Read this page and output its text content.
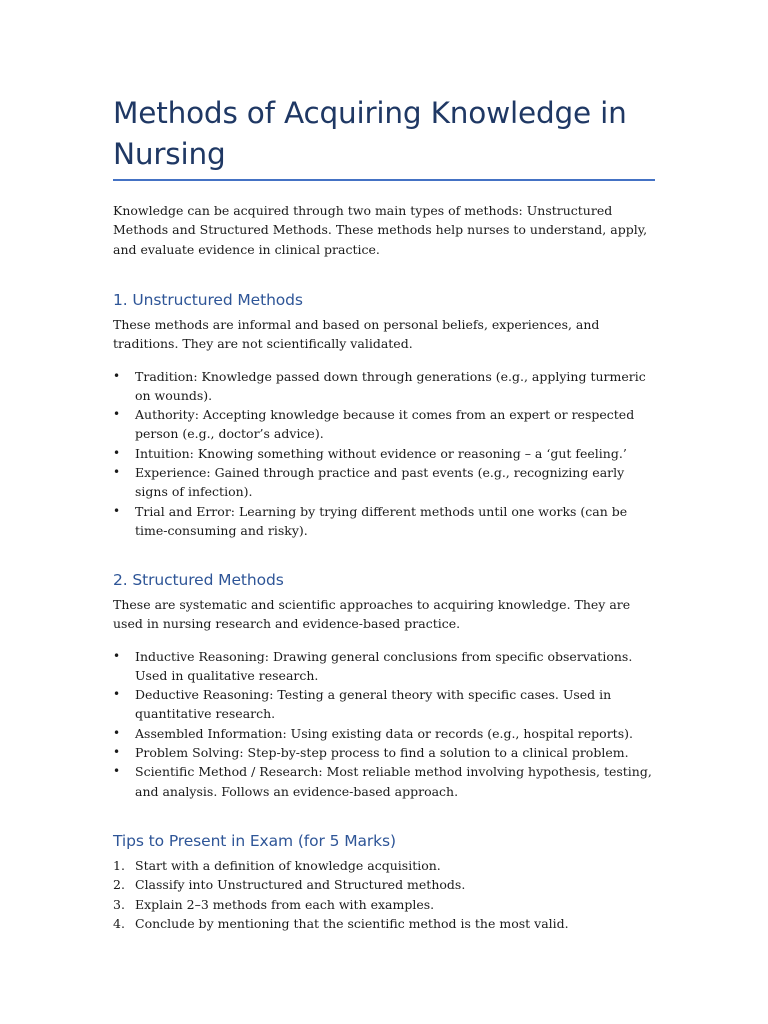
Methods of Acquiring Knowledge in Nursing

Knowledge can be acquired through two main types of methods: Unstructured Methods and Structured Methods. These methods help nurses to understand, apply, and evaluate evidence in clinical practice.

1. Unstructured Methods

These methods are informal and based on personal beliefs, experiences, and traditions. They are not scientifically validated.

• Tradition: Knowledge passed down through generations (e.g., applying turmeric on wounds).
• Authority: Accepting knowledge because it comes from an expert or respected person (e.g., doctor’s advice).
• Intuition: Knowing something without evidence or reasoning – a ‘gut feeling.’
• Experience: Gained through practice and past events (e.g., recognizing early signs of infection).
• Trial and Error: Learning by trying different methods until one works (can be time-consuming and risky).
2. Structured Methods

These are systematic and scientific approaches to acquiring knowledge. They are used in nursing research and evidence-based practice.

• Inductive Reasoning: Drawing general conclusions from specific observations. Used in qualitative research.
• Deductive Reasoning: Testing a general theory with specific cases. Used in quantitative research.
• Assembled Information: Using existing data or records (e.g., hospital reports).
• Problem Solving: Step-by-step process to find a solution to a clinical problem.
• Scientific Method / Research: Most reliable method involving hypothesis, testing, and analysis. Follows an evidence-based approach.
Tips to Present in Exam (for 5 Marks)
1. Start with a definition of knowledge acquisition.
2. Classify into Unstructured and Structured methods.
3. Explain 2–3 methods from each with examples.
4. Conclude by mentioning that the scientific method is the most valid.
